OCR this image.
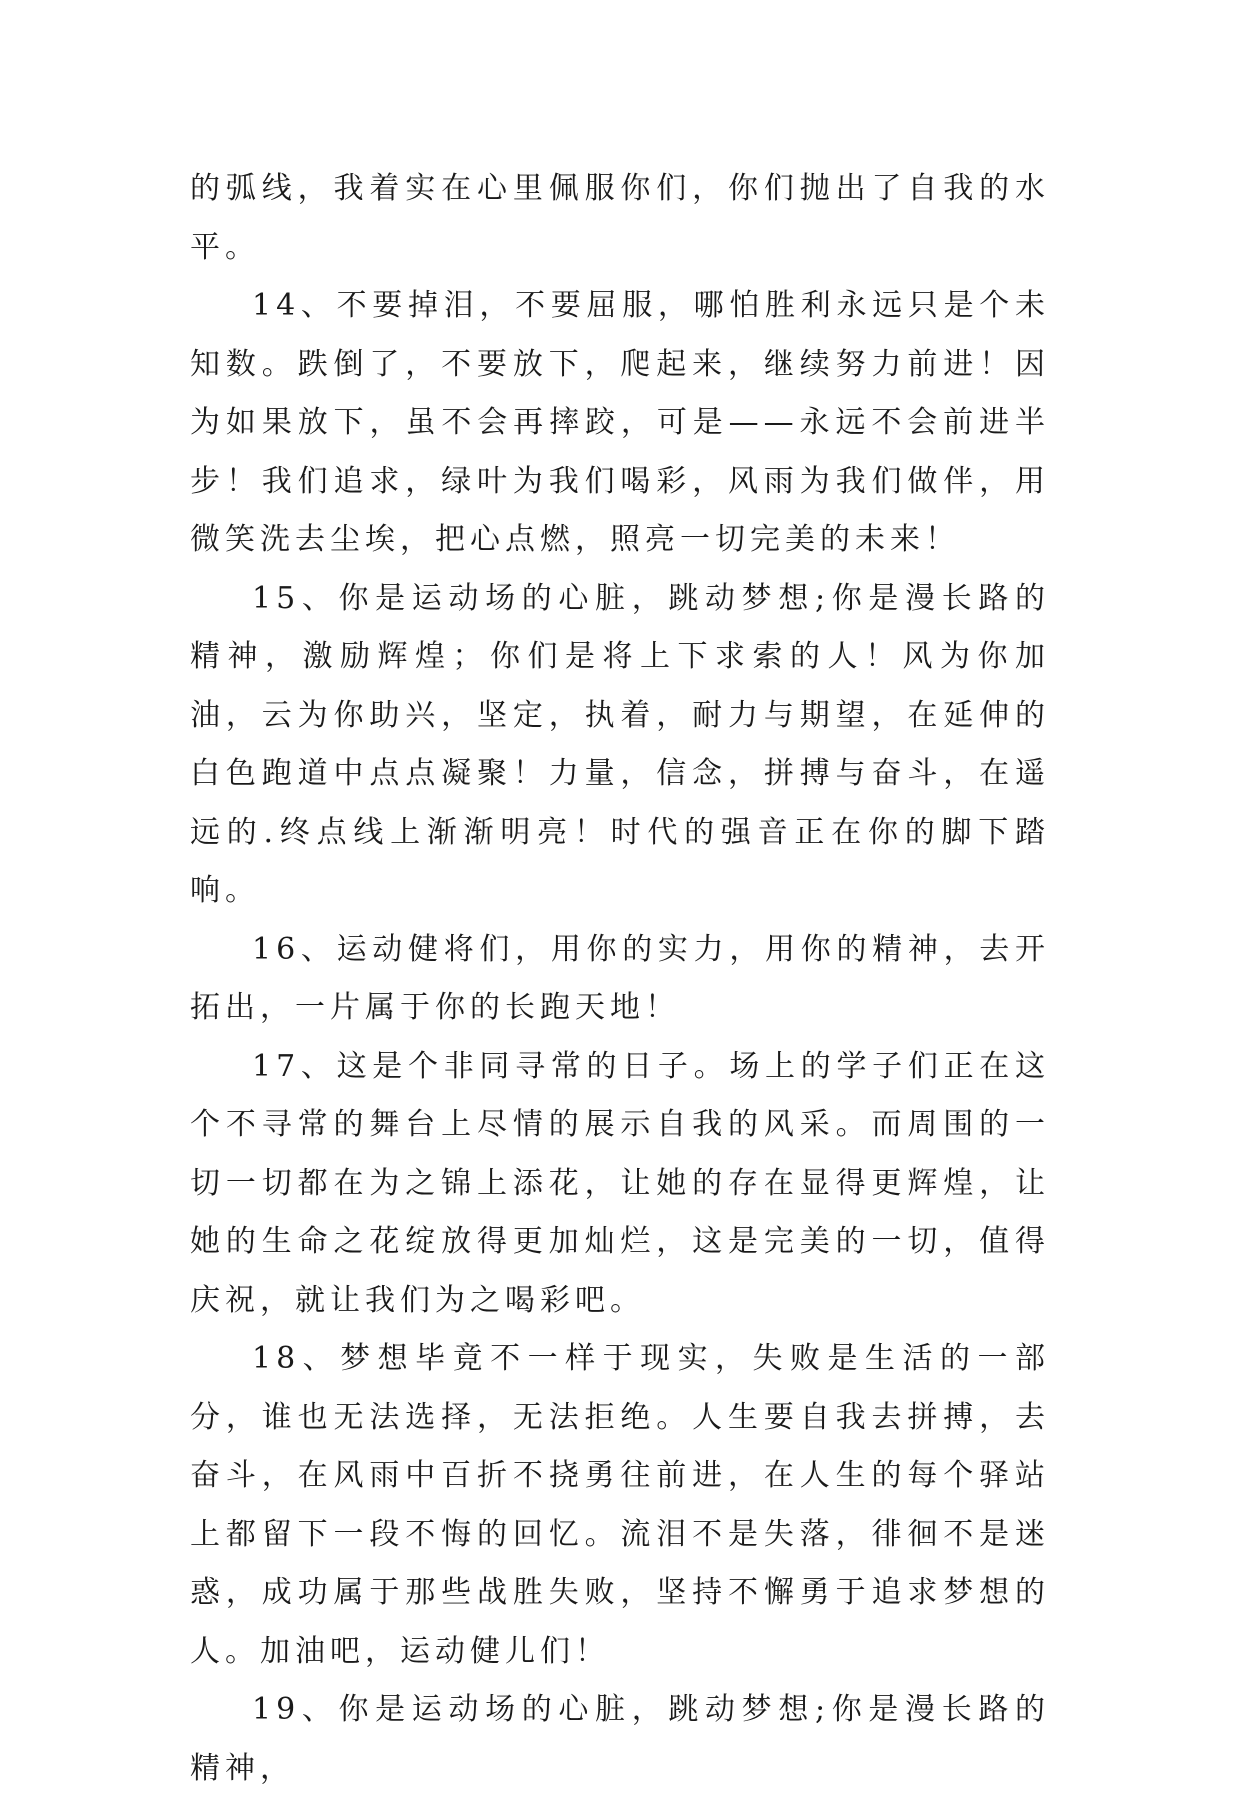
的弧线，我着实在心里佩服你们，你们抛出了自我的水平。

14、不要掉泪，不要屈服，哪怕胜利永远只是个未知数。跌倒了，不要放下，爬起来，继续努力前进！因为如果放下，虽不会再摔跤，可是——永远不会前进半步！我们追求，绿叶为我们喝彩，风雨为我们做伴，用微笑洗去尘埃，把心点燃，照亮一切完美的未来！

15、你是运动场的心脏，跳动梦想;你是漫长路的精神，激励辉煌；你们是将上下求索的人！风为你加油，云为你助兴，坚定，执着，耐力与期望，在延伸的白色跑道中点点凝聚！力量，信念，拼搏与奋斗，在遥远的.终点线上渐渐明亮！时代的强音正在你的脚下踏响。

16、运动健将们，用你的实力，用你的精神，去开拓出，一片属于你的长跑天地！

17、这是个非同寻常的日子。场上的学子们正在这个不寻常的舞台上尽情的展示自我的风采。而周围的一切一切都在为之锦上添花，让她的存在显得更辉煌，让她的生命之花绽放得更加灿烂，这是完美的一切，值得庆祝，就让我们为之喝彩吧。

18、梦想毕竟不一样于现实，失败是生活的一部分，谁也无法选择，无法拒绝。人生要自我去拼搏，去奋斗，在风雨中百折不挠勇往前进，在人生的每个驿站上都留下一段不悔的回忆。流泪不是失落，徘徊不是迷惑，成功属于那些战胜失败，坚持不懈勇于追求梦想的人。加油吧，运动健儿们！

19、你是运动场的心脏，跳动梦想;你是漫长路的精神，
